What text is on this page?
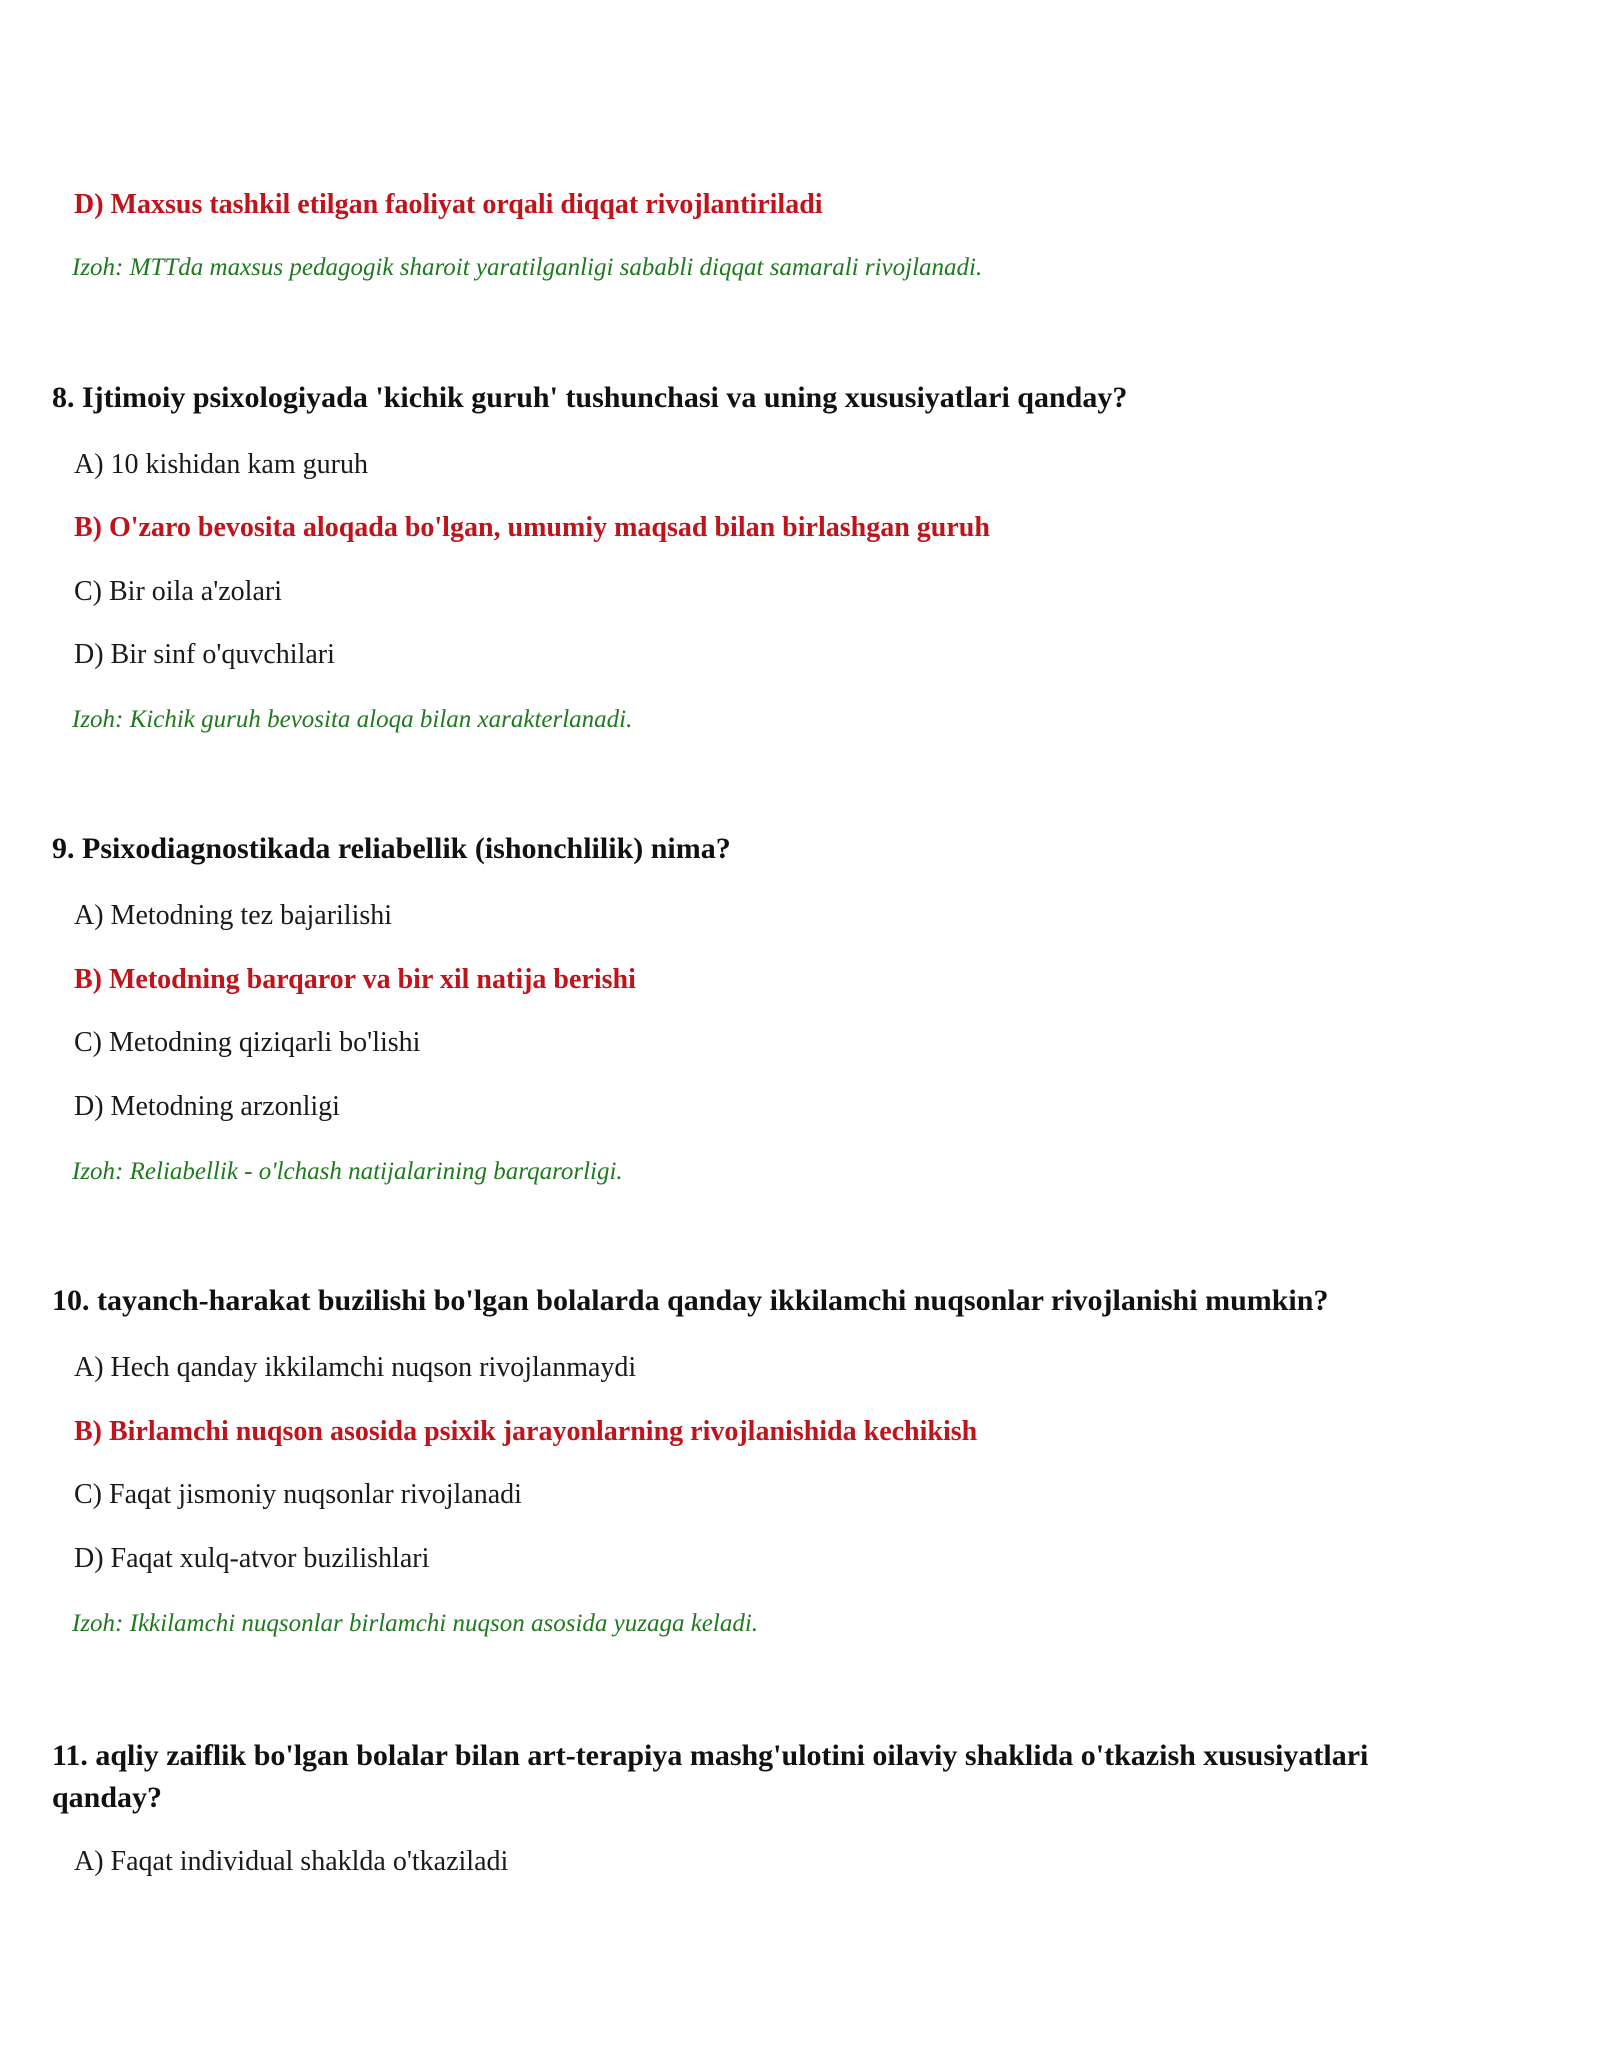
D) Maxsus tashkil etilgan faoliyat orqali diqqat rivojlantiriladi
Izoh: MTTda maxsus pedagogik sharoit yaratilganligi sababli diqqat samarali rivojlanadi.
8. Ijtimoiy psixologiyada 'kichik guruh' tushunchasi va uning xususiyatlari qanday?
A) 10 kishidan kam guruh
B) O'zaro bevosita aloqada bo'lgan, umumiy maqsad bilan birlashgan guruh
C) Bir oila a'zolari
D) Bir sinf o'quvchilari
Izoh: Kichik guruh bevosita aloqa bilan xarakterlanadi.
9. Psixodiagnostikada reliabellik (ishonchlilik) nima?
A) Metodning tez bajarilishi
B) Metodning barqaror va bir xil natija berishi
C) Metodning qiziqarli bo'lishi
D) Metodning arzonligi
Izoh: Reliabellik - o'lchash natijalarining barqarorligi.
10. tayanch-harakat buzilishi bo'lgan bolalarda qanday ikkilamchi nuqsonlar rivojlanishi mumkin?
A) Hech qanday ikkilamchi nuqson rivojlanmaydi
B) Birlamchi nuqson asosida psixik jarayonlarning rivojlanishida kechikish
C) Faqat jismoniy nuqsonlar rivojlanadi
D) Faqat xulq-atvor buzilishlari
Izoh: Ikkilamchi nuqsonlar birlamchi nuqson asosida yuzaga keladi.
11. aqliy zaiflik bo'lgan bolalar bilan art-terapiya mashg'ulotini oilaviy shaklida o'tkazish xususiyatlari qanday?
A) Faqat individual shaklda o'tkaziladi
